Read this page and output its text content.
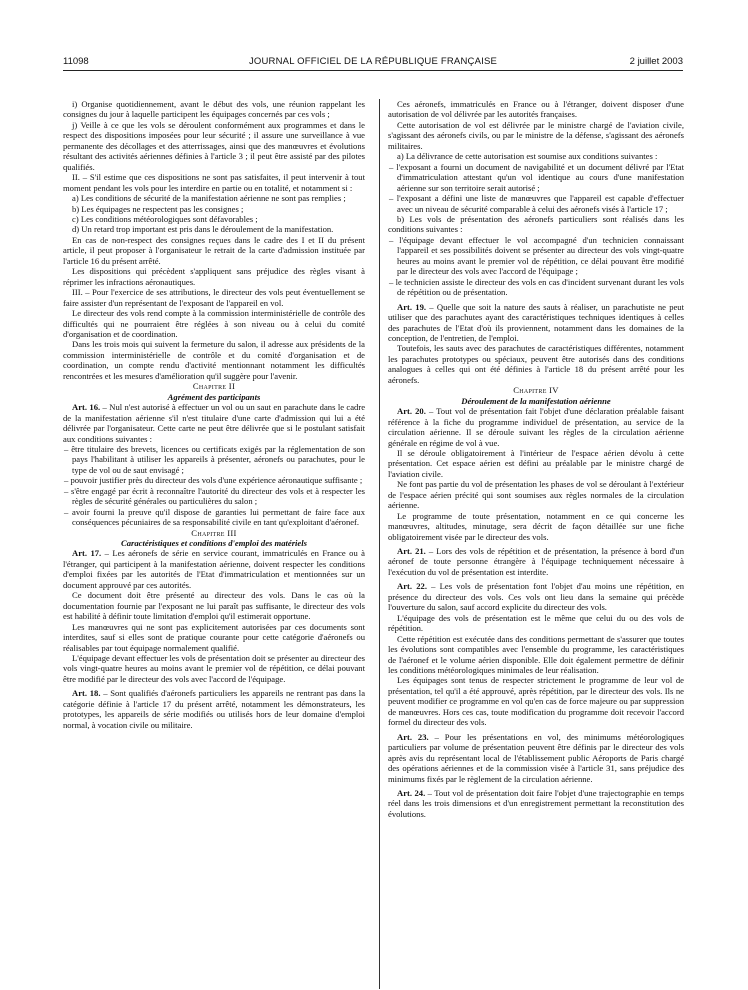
11098	JOURNAL OFFICIEL DE LA RÉPUBLIQUE FRANÇAISE	2 juillet 2003

i) Organise quotidiennement, avant le début des vols, une réunion rappelant les consignes du jour à laquelle participent les équipages concernés par ces vols ;

j) Veille à ce que les vols se déroulent conformément aux programmes et dans le respect des dispositions imposées pour leur sécurité ; il assure une surveillance à vue permanente des décollages et des atterrissages, ainsi que des manœuvres et évolutions résultant des activités aériennes définies à l'article 3 ; il peut être assisté par des pilotes qualifiés.

II. – S'il estime que ces dispositions ne sont pas satisfaites, il peut intervenir à tout moment pendant les vols pour les interdire en partie ou en totalité, et notamment si :

a) Les conditions de sécurité de la manifestation aérienne ne sont pas remplies ;

b) Les équipages ne respectent pas les consignes ;

c) Les conditions météorologiques sont défavorables ;

d) Un retard trop important est pris dans le déroulement de la manifestation.

En cas de non-respect des consignes reçues dans le cadre des I et II du présent article, il peut proposer à l'organisateur le retrait de la carte d'admission instituée par l'article 16 du présent arrêté.

Les dispositions qui précèdent s'appliquent sans préjudice des règles visant à réprimer les infractions aéronautiques.

III. – Pour l'exercice de ses attributions, le directeur des vols peut éventuellement se faire assister d'un représentant de l'exposant de l'appareil en vol.

Le directeur des vols rend compte à la commission interministérielle de contrôle des difficultés qui ne pourraient être réglées à son niveau ou à celui du comité d'organisation et de coordination.

Dans les trois mois qui suivent la fermeture du salon, il adresse aux présidents de la commission interministérielle de contrôle et du comité d'organisation et de coordination, un compte rendu d'activité mentionnant notamment les difficultés rencontrées et les mesures d'amélioration qu'il suggère pour l'avenir.

Chapitre II

Agrément des participants

Art. 16. – Nul n'est autorisé à effectuer un vol ou un saut en parachute dans le cadre de la manifestation aérienne s'il n'est titulaire d'une carte d'admission qui lui a été délivrée par l'organisateur. Cette carte ne peut être délivrée que si le postulant satisfait aux conditions suivantes :

– être titulaire des brevets, licences ou certificats exigés par la réglementation de son pays l'habilitant à utiliser les appareils à présenter, aéronefs ou parachutes, pour le type de vol ou de saut envisagé ;
– pouvoir justifier près du directeur des vols d'une expérience aéronautique suffisante ;
– s'être engagé par écrit à reconnaître l'autorité du directeur des vols et à respecter les règles de sécurité générales ou particulières du salon ;
– avoir fourni la preuve qu'il dispose de garanties lui permettant de faire face aux conséquences pécuniaires de sa responsabilité civile en tant qu'exploitant d'aéronef.

Chapitre III

Caractéristiques et conditions d'emploi des matériels

Art. 17. – Les aéronefs de série en service courant, immatriculés en France ou à l'étranger, qui participent à la manifestation aérienne, doivent respecter les conditions d'emploi fixées par les autorités de l'Etat d'immatriculation et mentionnées sur un document approuvé par ces autorités.

Ce document doit être présenté au directeur des vols. Dans le cas où la documentation fournie par l'exposant ne lui paraît pas suffisante, le directeur des vols est habilité à définir toute limitation d'emploi qu'il estimerait opportune.

Les manœuvres qui ne sont pas explicitement autorisées par ces documents sont interdites, sauf si elles sont de pratique courante pour cette catégorie d'aéronefs ou réalisables par tout équipage normalement qualifié.

L'équipage devant effectuer les vols de présentation doit se présenter au directeur des vols vingt-quatre heures au moins avant le premier vol de répétition, ce délai pouvant être modifié par le directeur des vols avec l'accord de l'équipage.

Art. 18. – Sont qualifiés d'aéronefs particuliers les appareils ne rentrant pas dans la catégorie définie à l'article 17 du présent arrêté, notamment les démonstrateurs, les prototypes, les appareils de série modifiés ou utilisés hors de leur domaine d'emploi normal, à vocation civile ou militaire.

Ces aéronefs, immatriculés en France ou à l'étranger, doivent disposer d'une autorisation de vol délivrée par les autorités françaises.

Cette autorisation de vol est délivrée par le ministre chargé de l'aviation civile, s'agissant des aéronefs civils, ou par le ministre de la défense, s'agissant des aéronefs militaires.

a) La délivrance de cette autorisation est soumise aux conditions suivantes :

– l'exposant a fourni un document de navigabilité et un document délivré par l'Etat d'immatriculation attestant qu'un vol identique au cours d'une manifestation aérienne sur son territoire serait autorisé ;
– l'exposant a défini une liste de manœuvres que l'appareil est capable d'effectuer avec un niveau de sécurité comparable à celui des aéronefs visés à l'article 17 ;

b) Les vols de présentation des aéronefs particuliers sont réalisés dans les conditions suivantes :

– l'équipage devant effectuer le vol accompagné d'un technicien connaissant l'appareil et ses possibilités doivent se présenter au directeur des vols vingt-quatre heures au moins avant le premier vol de répétition, ce délai pouvant être modifié par le directeur des vols avec l'accord de l'équipage ;
– le technicien assiste le directeur des vols en cas d'incident survenant durant les vols de répétition ou de présentation.

Art. 19. – Quelle que soit la nature des sauts à réaliser, un parachutiste ne peut utiliser que des parachutes ayant des caractéristiques techniques identiques à celles des parachutes de l'Etat d'où ils proviennent, notamment dans les domaines de la conception, de l'entretien, de l'emploi.

Toutefois, les sauts avec des parachutes de caractéristiques différentes, notamment les parachutes prototypes ou spéciaux, peuvent être autorisés dans des conditions analogues à celles qui ont été définies à l'article 18 du présent arrêté pour les aéronefs.

Chapitre IV

Déroulement de la manifestation aérienne

Art. 20. – Tout vol de présentation fait l'objet d'une déclaration préalable faisant référence à la fiche du programme individuel de présentation, au service de la circulation aérienne. Il se déroule suivant les règles de la circulation aérienne générale en régime de vol à vue.

Il se déroule obligatoirement à l'intérieur de l'espace aérien dévolu à cette présentation. Cet espace aérien est défini au préalable par le ministre chargé de l'aviation civile.

Ne font pas partie du vol de présentation les phases de vol se déroulant à l'extérieur de l'espace aérien précité qui sont soumises aux règles normales de la circulation aérienne.

Le programme de toute présentation, notamment en ce qui concerne les manœuvres, altitudes, minutage, sera décrit de façon détaillée sur une fiche obligatoirement visée par le directeur des vols.

Art. 21. – Lors des vols de répétition et de présentation, la présence à bord d'un aéronef de toute personne étrangère à l'équipage techniquement nécessaire à l'exécution du vol de présentation est interdite.

Art. 22. – Les vols de présentation font l'objet d'au moins une répétition, en présence du directeur des vols. Ces vols ont lieu dans la semaine qui précède l'ouverture du salon, sauf accord explicite du directeur des vols.

L'équipage des vols de présentation est le même que celui du ou des vols de répétition.

Cette répétition est exécutée dans des conditions permettant de s'assurer que toutes les évolutions sont compatibles avec l'ensemble du programme, les caractéristiques de l'aéronef et le volume aérien disponible. Elle doit également permettre de définir les conditions météorologiques minimales de leur réalisation.

Les équipages sont tenus de respecter strictement le programme de leur vol de présentation, tel qu'il a été approuvé, après répétition, par le directeur des vols. Ils ne peuvent modifier ce programme en vol qu'en cas de force majeure ou par suppression de manœuvres. Hors ces cas, toute modification du programme doit recevoir l'accord formel du directeur des vols.

Art. 23. – Pour les présentations en vol, des minimums météorologiques particuliers par volume de présentation peuvent être définis par le directeur des vols après avis du représentant local de l'établissement public Aéroports de Paris chargé des opérations aériennes et de la commission visée à l'article 31, sans préjudice des minimums fixés par le règlement de la circulation aérienne.

Art. 24. – Tout vol de présentation doit faire l'objet d'une trajectographie en temps réel dans les trois dimensions et d'un enregistrement permettant la reconstitution des évolutions.
